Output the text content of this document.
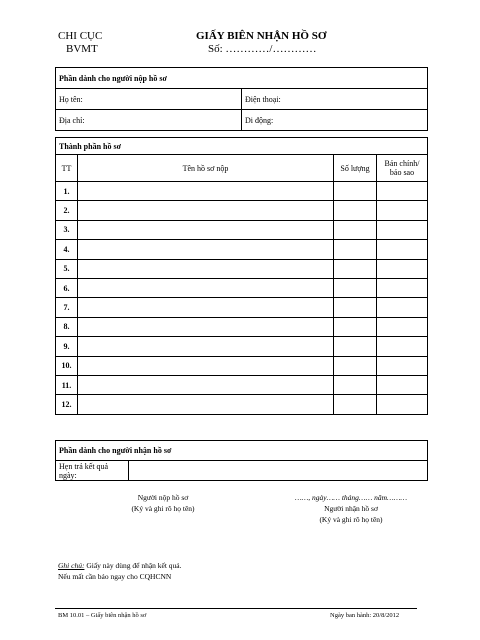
CHI CỤC
BVMT
GIẤY BIÊN NHẬN HỒ SƠ
Số: …………/…………
Phần dành cho người nộp hồ sơ	
Họ tên:	Điện thoại:
Địa chỉ:	Di động:
Thành phần hồ sơ			
TT	Tên hồ sơ nộp	Số lượng	Bản chính/ bảo sao
1.			
2.			
3.			
4.			
5.			
6.			
7.			
8.			
9.			
10.			
11.			
12.			
Phần dành cho người nhận hồ sơ
Hẹn trả kết quả ngày:	
Người nộp hồ sơ
(Ký và ghi rõ họ tên)
……, ngày…… tháng…… năm………
Người nhận hồ sơ
(Ký và ghi rõ họ tên)
Ghi chú: Giấy này dùng để nhận kết quả.
Nếu mất cần báo ngay cho CQHCNN
BM 10.01 – Giấy biên nhận hồ sơ	Ngày ban hành: 20/8/2012
